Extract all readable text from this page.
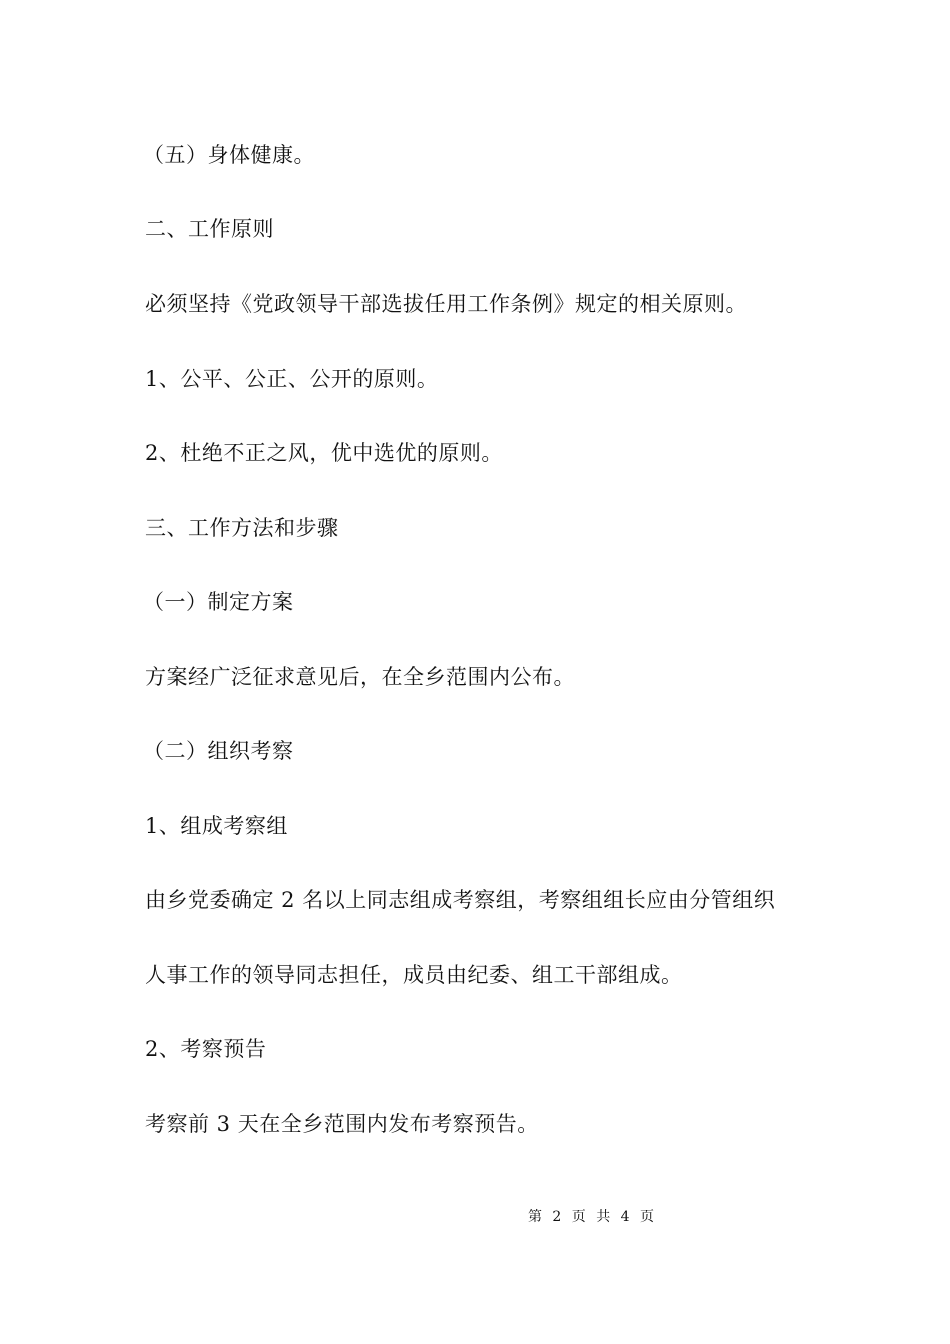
（五）身体健康。
二、工作原则
必须坚持《党政领导干部选拔任用工作条例》规定的相关原则。
1、公平、公正、公开的原则。
2、杜绝不正之风，优中选优的原则。
三、工作方法和步骤
（一）制定方案
方案经广泛征求意见后，在全乡范围内公布。
（二）组织考察
1、组成考察组
由乡党委确定 2 名以上同志组成考察组，考察组组长应由分管组织
人事工作的领导同志担任，成员由纪委、组工干部组成。
2、考察预告
考察前 3 天在全乡范围内发布考察预告。
第 2 页 共 4 页
